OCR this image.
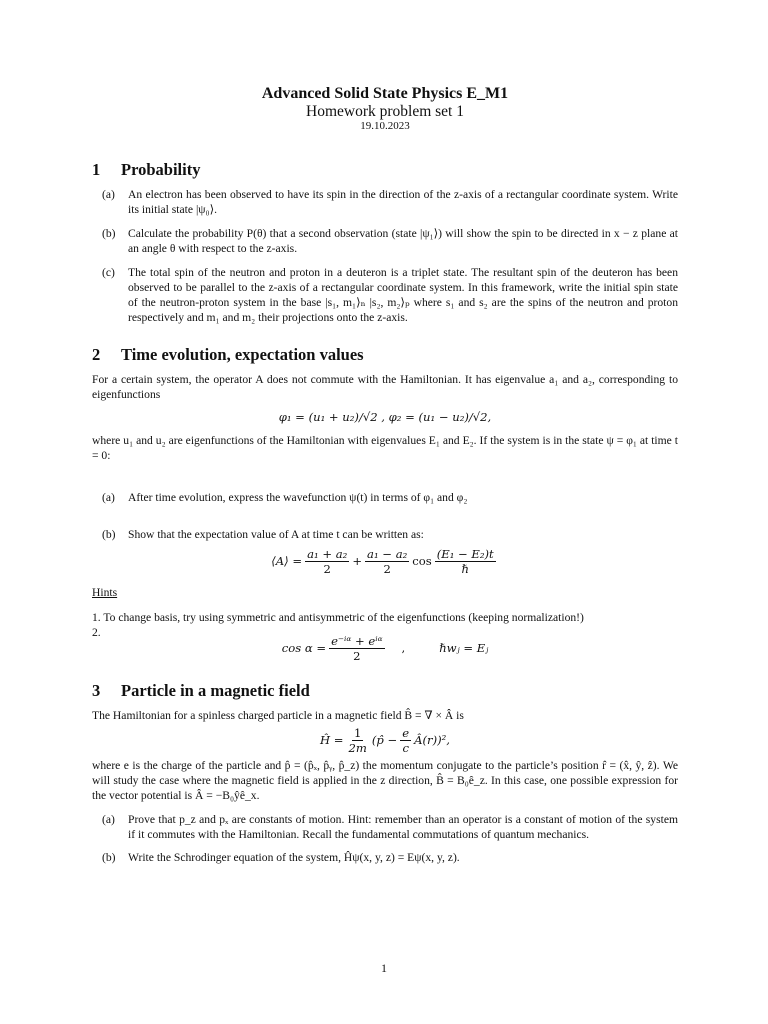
Advanced Solid State Physics E_M1
Homework problem set 1
19.10.2023
1	Probability
(a)	An electron has been observed to have its spin in the direction of the z-axis of a rectangular coordinate system. Write its initial state |ψ₀⟩.
(b)	Calculate the probability P(θ) that a second observation (state |ψ₁⟩) will show the spin to be directed in x − z plane at an angle θ with respect to the z-axis.
(c)	The total spin of the neutron and proton in a deuteron is a triplet state. The resultant spin of the deuteron has been observed to be parallel to the z-axis of a rectangular coordinate system. In this framework, write the initial spin state of the neutron-proton system in the base |s₁, m₁⟩ₙ |s₂, m₂⟩ₚ where s₁ and s₂ are the spins of the neutron and proton respectively and m₁ and m₂ their projections onto the z-axis.
2	Time evolution, expectation values

For a certain system, the operator A does not commute with the Hamiltonian. It has eigenvalue a₁ and a₂, corresponding to eigenfunctions

φ₁ = (u₁ + u₂)/√2 , φ₂ = (u₁ − u₂)/√2,

where u₁ and u₂ are eigenfunctions of the Hamiltonian with eigenvalues E₁ and E₂. If the system is in the state ψ = φ₁ at time t = 0:

(a)	After time evolution, express the wavefunction ψ(t) in terms of φ₁ and φ₂
(b)	Show that the expectation value of A at time t can be written as:
⟨A⟩ = $\frac{\text{a₁ + a₂}}{2} + \frac{\text{a₁ − a₂}}{2}$ $\cos \frac{\text{(E₁ − E₂)t}}{\text{ℏ}}$

Hints

1. To change basis, try using symmetric and antisymmetric of the eigenfunctions (keeping normalization!)

2.

$\cos \alpha = \frac{\text{e⁻ⁱᵅ + eⁱᵅ}}{2}$ ,	ℏwⱼ = Eⱼ
3	Particle in a magnetic field

The Hamiltonian for a spinless charged particle in a magnetic field B̂ = ∇ × Â is

Ĥ = $\frac{1}{2m}$ (p̂ − $\frac{e}{c}$ Â(r))²,

where e is the charge of the particle and p̂ = (p̂ₓ, p̂ᵧ, p̂_z) the momentum conjugate to the particle’s position r̂ = (x̂, ŷ, ẑ). We will study the case where the magnetic field is applied in the z direction, B̂ = B₀ê_z. In this case, one possible expression for the vector potential is Â = −B₀ŷê_x.

(a)	Prove that p_z and pₓ are constants of motion. Hint: remember than an operator is a constant of motion of the system if it commutes with the Hamiltonian. Recall the fundamental commutations of quantum mechanics.
(b)	Write the Schrodinger equation of the system, Ĥψ(x, y, z) = Eψ(x, y, z).
1
